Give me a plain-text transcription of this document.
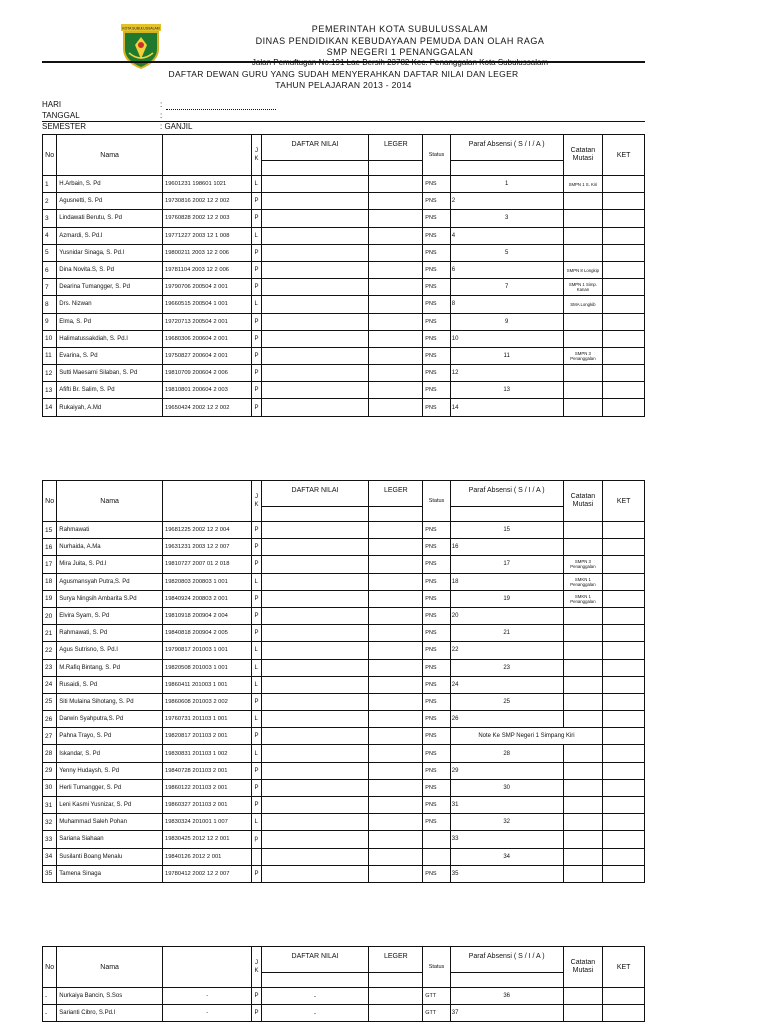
KOTA SUBULUSSALAM	PEMERINTAH KOTA SUBULUSSALAM
DINAS PENDIDIKAN KEBUDAYAAN PEMUDA DAN OLAH RAGA
SMP NEGERI 1 PENANGGALAN
Jalan Pemuftugan No.191 Lae Bersih 23782 Kec. Penanggalan Kota Subulussalam
DAFTAR DEWAN GURU YANG SUDAH MENYERAHKAN DAFTAR NILAI DAN LEGER
TAHUN PELAJARAN 2013 - 2014
HARI	:
TANGGAL	:
SEMESTER	: GANJIL
No	Nama		J
K	DAFTAR NILAI	LEGER	Status	Paraf Absensi ( S / I / A )	Catatan Mutasi	KET
1	H.Arbain, S. Pd	19601231 198601 1021	L			PNS	1	SMPN 1 S. Kiri	
2	Agusnetti, S. Pd	19730816 2002 12 2 002	P			PNS	2		
3	Lindawati Berutu, S. Pd	19760828 2002 12 2 003	P			PNS	3		
4	Azmardi, S. Pd.I	19771227 2003 12 1 008	L			PNS	4		
5	Yusnidar Sinaga, S. Pd.I	19800211 2003 12 2 006	P			PNS	5		
6	Dina Novita.S, S. Pd	19781104 2003 12 2 006	P			PNS	6	SMPN 8 Longkip	
7	Dearina Tumangger, S. Pd	19790706 200504 2 001	P			PNS	7	SMPN 1 Simp. Kanan	
8	Drs. Nizwan	19660515 200504 1 001	L			PNS	8	SMA Longkib	
9	Elma, S. Pd	19720713 200504 2 001	P			PNS	9		
10	Halimatussakdiah, S. Pd.I	19680306 200604 2 001	P			PNS	10		
11	Evarina, S. Pd	19750827 200604 2 001	P			PNS	11	SMPN 3 Penanggalan	
12	Sutti Maesarni Silaban, S. Pd	19810709 200604 2 006	P			PNS	12		
13	Afifti Br. Salim, S. Pd	19810801 200604 2 003	P			PNS	13		
14	Rukaiyah, A.Md	19650424 2002 12 2 002	P			PNS	14		
No	Nama		J
K	DAFTAR NILAI	LEGER	Status	Paraf Absensi ( S / I / A )	Catatan Mutasi	KET
15	Rahmawati	19681225 2002 12 2 004	P			PNS	15		
16	Nurhaida, A.Ma	19631231 2003 12 2 007	P			PNS	16		
17	Mira Juita, S. Pd.I	19810727 2007 01 2 018	P			PNS	17	SMPN 3 Penanggalan	
18	Agusmansyah Putra,S. Pd	19820803 200803 1 001	L			PNS	18	SMKN 1 Penanggalan	
19	Surya Ningsih Ambarita S.Pd	19840924 200803 2 001	P			PNS	19	SMKN 1 Penanggalan	
20	Elvira Syam, S. Pd	19810918 200904 2 004	P			PNS	20		
21	Rahmawati, S. Pd	19840818 200904 2 005	P			PNS	21		
22	Agus Sutrisno, S. Pd.I	19790817 201003 1 001	L			PNS	22		
23	M.Rafiq Bintang, S. Pd	19820508 201003 1 001	L			PNS	23		
24	Rusaidi, S. Pd	19860411 201003 1 001	L			PNS	24		
25	Siti Mulaina Sihotang, S. Pd	19860608 201003 2 002	P			PNS	25		
26	Darwin Syahputra,S. Pd	19760731 201103 1 001	L			PNS	26		
27	Pahna Trayo, S. Pd	19820817 201103 2 001	P			PNS	Note Ke SMP Negeri 1 Simpang Kiri		
28	Iskandar, S. Pd	19830831 201103 1 002	L			PNS	28		
29	Yenny Hudaysh, S. Pd	19840728 201103 2 001	P			PNS	29		
30	Herli Tumangger, S. Pd	19860122 201103 2 001	P			PNS	30		
31	Leni Kasmi Yusnizar, S. Pd	19860327 201103 2 001	P			PNS	31		
32	Muhammad Saleh Pohan	19830324 201001 1 007	L			PNS	32		
33	Sariana Siahaan	19830425 2012 12 2 001	p				33		
34	Susilanti Boang Menalu	19840126 2012 2 001					34		
35	Tamena Sinaga	19780412 2002 12 2 007	P			PNS	35		
No	Nama		J
K	DAFTAR NILAI	LEGER	Status	Paraf Absensi ( S / I / A )	Catatan Mutasi	KET
-	Nurkaiya Bancin, S.Sos	-	P	-		GTT	36		
-	Sarianti Cibro, S.Pd.I	-	P	-		GTT	37		
